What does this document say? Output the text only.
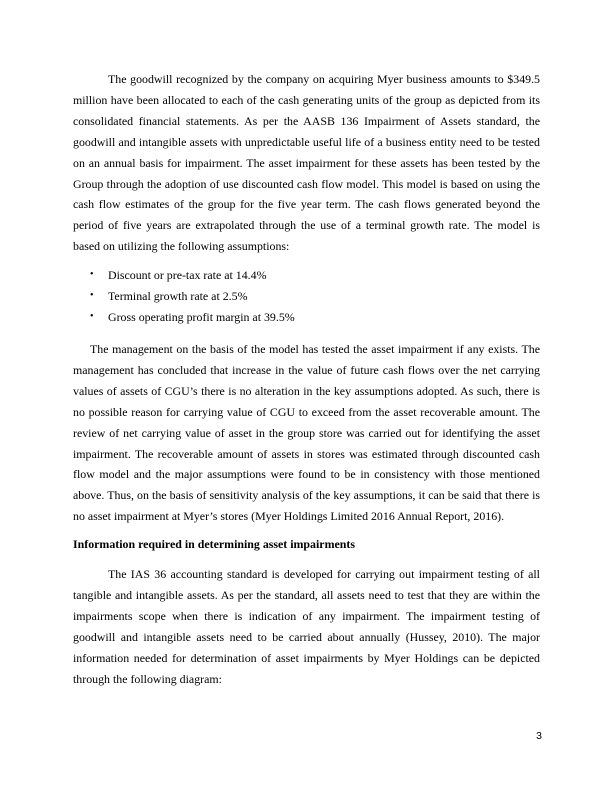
The goodwill recognized by the company on acquiring Myer business amounts to $349.5 million have been allocated to each of the cash generating units of the group as depicted from its consolidated financial statements. As per the AASB 136 Impairment of Assets standard, the goodwill and intangible assets with unpredictable useful life of a business entity need to be tested on an annual basis for impairment. The asset impairment for these assets has been tested by the Group through the adoption of use discounted cash flow model. This model is based on using the cash flow estimates of the group for the five year term. The cash flows generated beyond the period of five years are extrapolated through the use of a terminal growth rate. The model is based on utilizing the following assumptions:
• Discount or pre-tax rate at 14.4%
• Terminal growth rate at 2.5%
• Gross operating profit margin at 39.5%
The management on the basis of the model has tested the asset impairment if any exists. The management has concluded that increase in the value of future cash flows over the net carrying values of assets of CGU’s there is no alteration in the key assumptions adopted. As such, there is no possible reason for carrying value of CGU to exceed from the asset recoverable amount. The review of net carrying value of asset in the group store was carried out for identifying the asset impairment. The recoverable amount of assets in stores was estimated through discounted cash flow model and the major assumptions were found to be in consistency with those mentioned above. Thus, on the basis of sensitivity analysis of the key assumptions, it can be said that there is no asset impairment at Myer’s stores (Myer Holdings Limited 2016 Annual Report, 2016).
Information required in determining asset impairments
The IAS 36 accounting standard is developed for carrying out impairment testing of all tangible and intangible assets. As per the standard, all assets need to test that they are within the impairments scope when there is indication of any impairment. The impairment testing of goodwill and intangible assets need to be carried about annually (Hussey, 2010). The major information needed for determination of asset impairments by Myer Holdings can be depicted through the following diagram:
3
